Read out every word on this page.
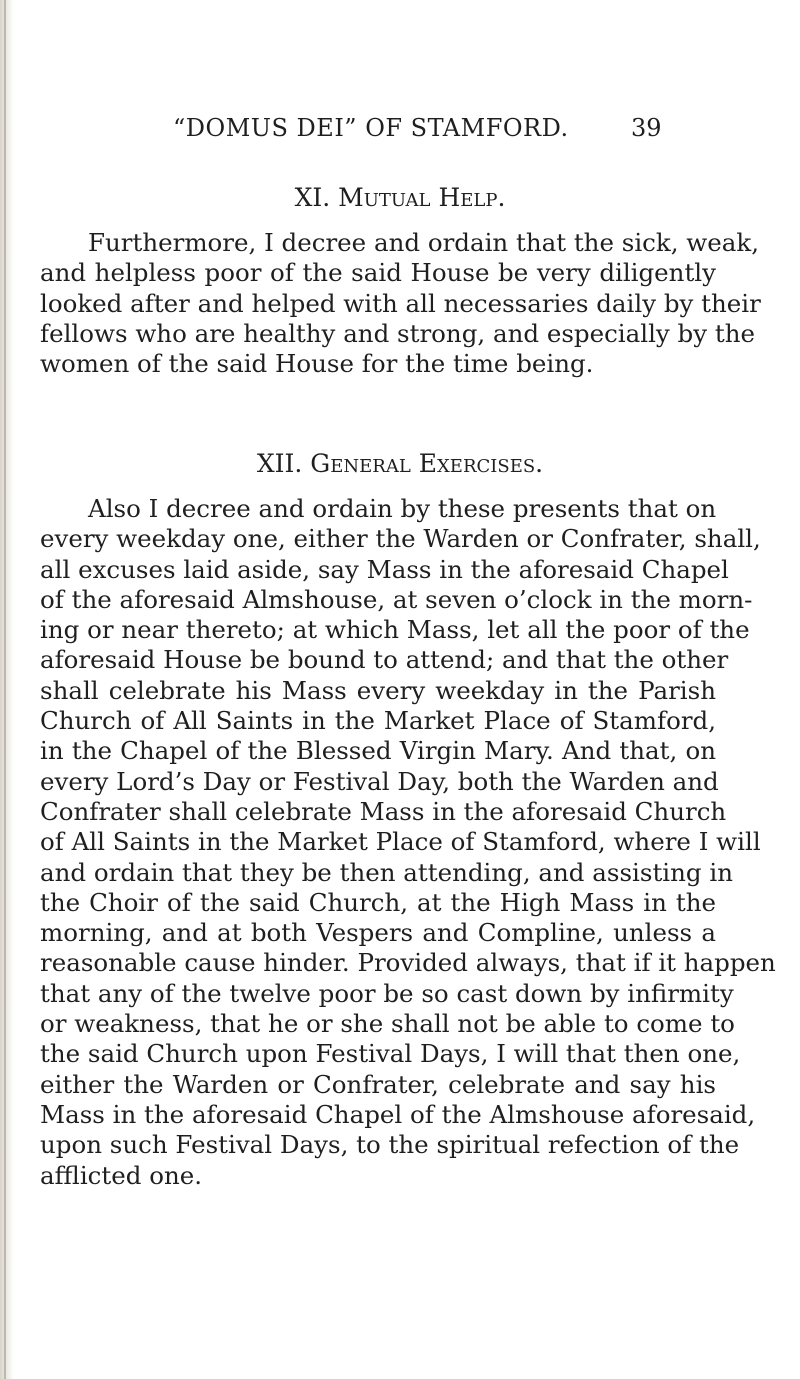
“DOMUS DEI” OF STAMFORD.	39
XI. Mutual Help.
Furthermore, I decree and ordain that the sick, weak,
and helpless poor of the said House be very diligently
looked after and helped with all necessaries daily by their
fellows who are healthy and strong, and especially by the
women of the said House for the time being.
XII. General Exercises.
Also I decree and ordain by these presents that on
every weekday one, either the Warden or Confrater, shall,
all excuses laid aside, say Mass in the aforesaid Chapel
of the aforesaid Almshouse, at seven o’clock in the morn-
ing or near thereto; at which Mass, let all the poor of the
aforesaid House be bound to attend; and that the other
shall celebrate his Mass every weekday in the Parish
Church of All Saints in the Market Place of Stamford,
in the Chapel of the Blessed Virgin Mary. And that, on
every Lord’s Day or Festival Day, both the Warden and
Confrater shall celebrate Mass in the aforesaid Church
of All Saints in the Market Place of Stamford, where I will
and ordain that they be then attending, and assisting in
the Choir of the said Church, at the High Mass in the
morning, and at both Vespers and Compline, unless a
reasonable cause hinder. Provided always, that if it happen
that any of the twelve poor be so cast down by infirmity
or weakness, that he or she shall not be able to come to
the said Church upon Festival Days, I will that then one,
either the Warden or Confrater, celebrate and say his
Mass in the aforesaid Chapel of the Almshouse aforesaid,
upon such Festival Days, to the spiritual refection of the
afflicted one.
